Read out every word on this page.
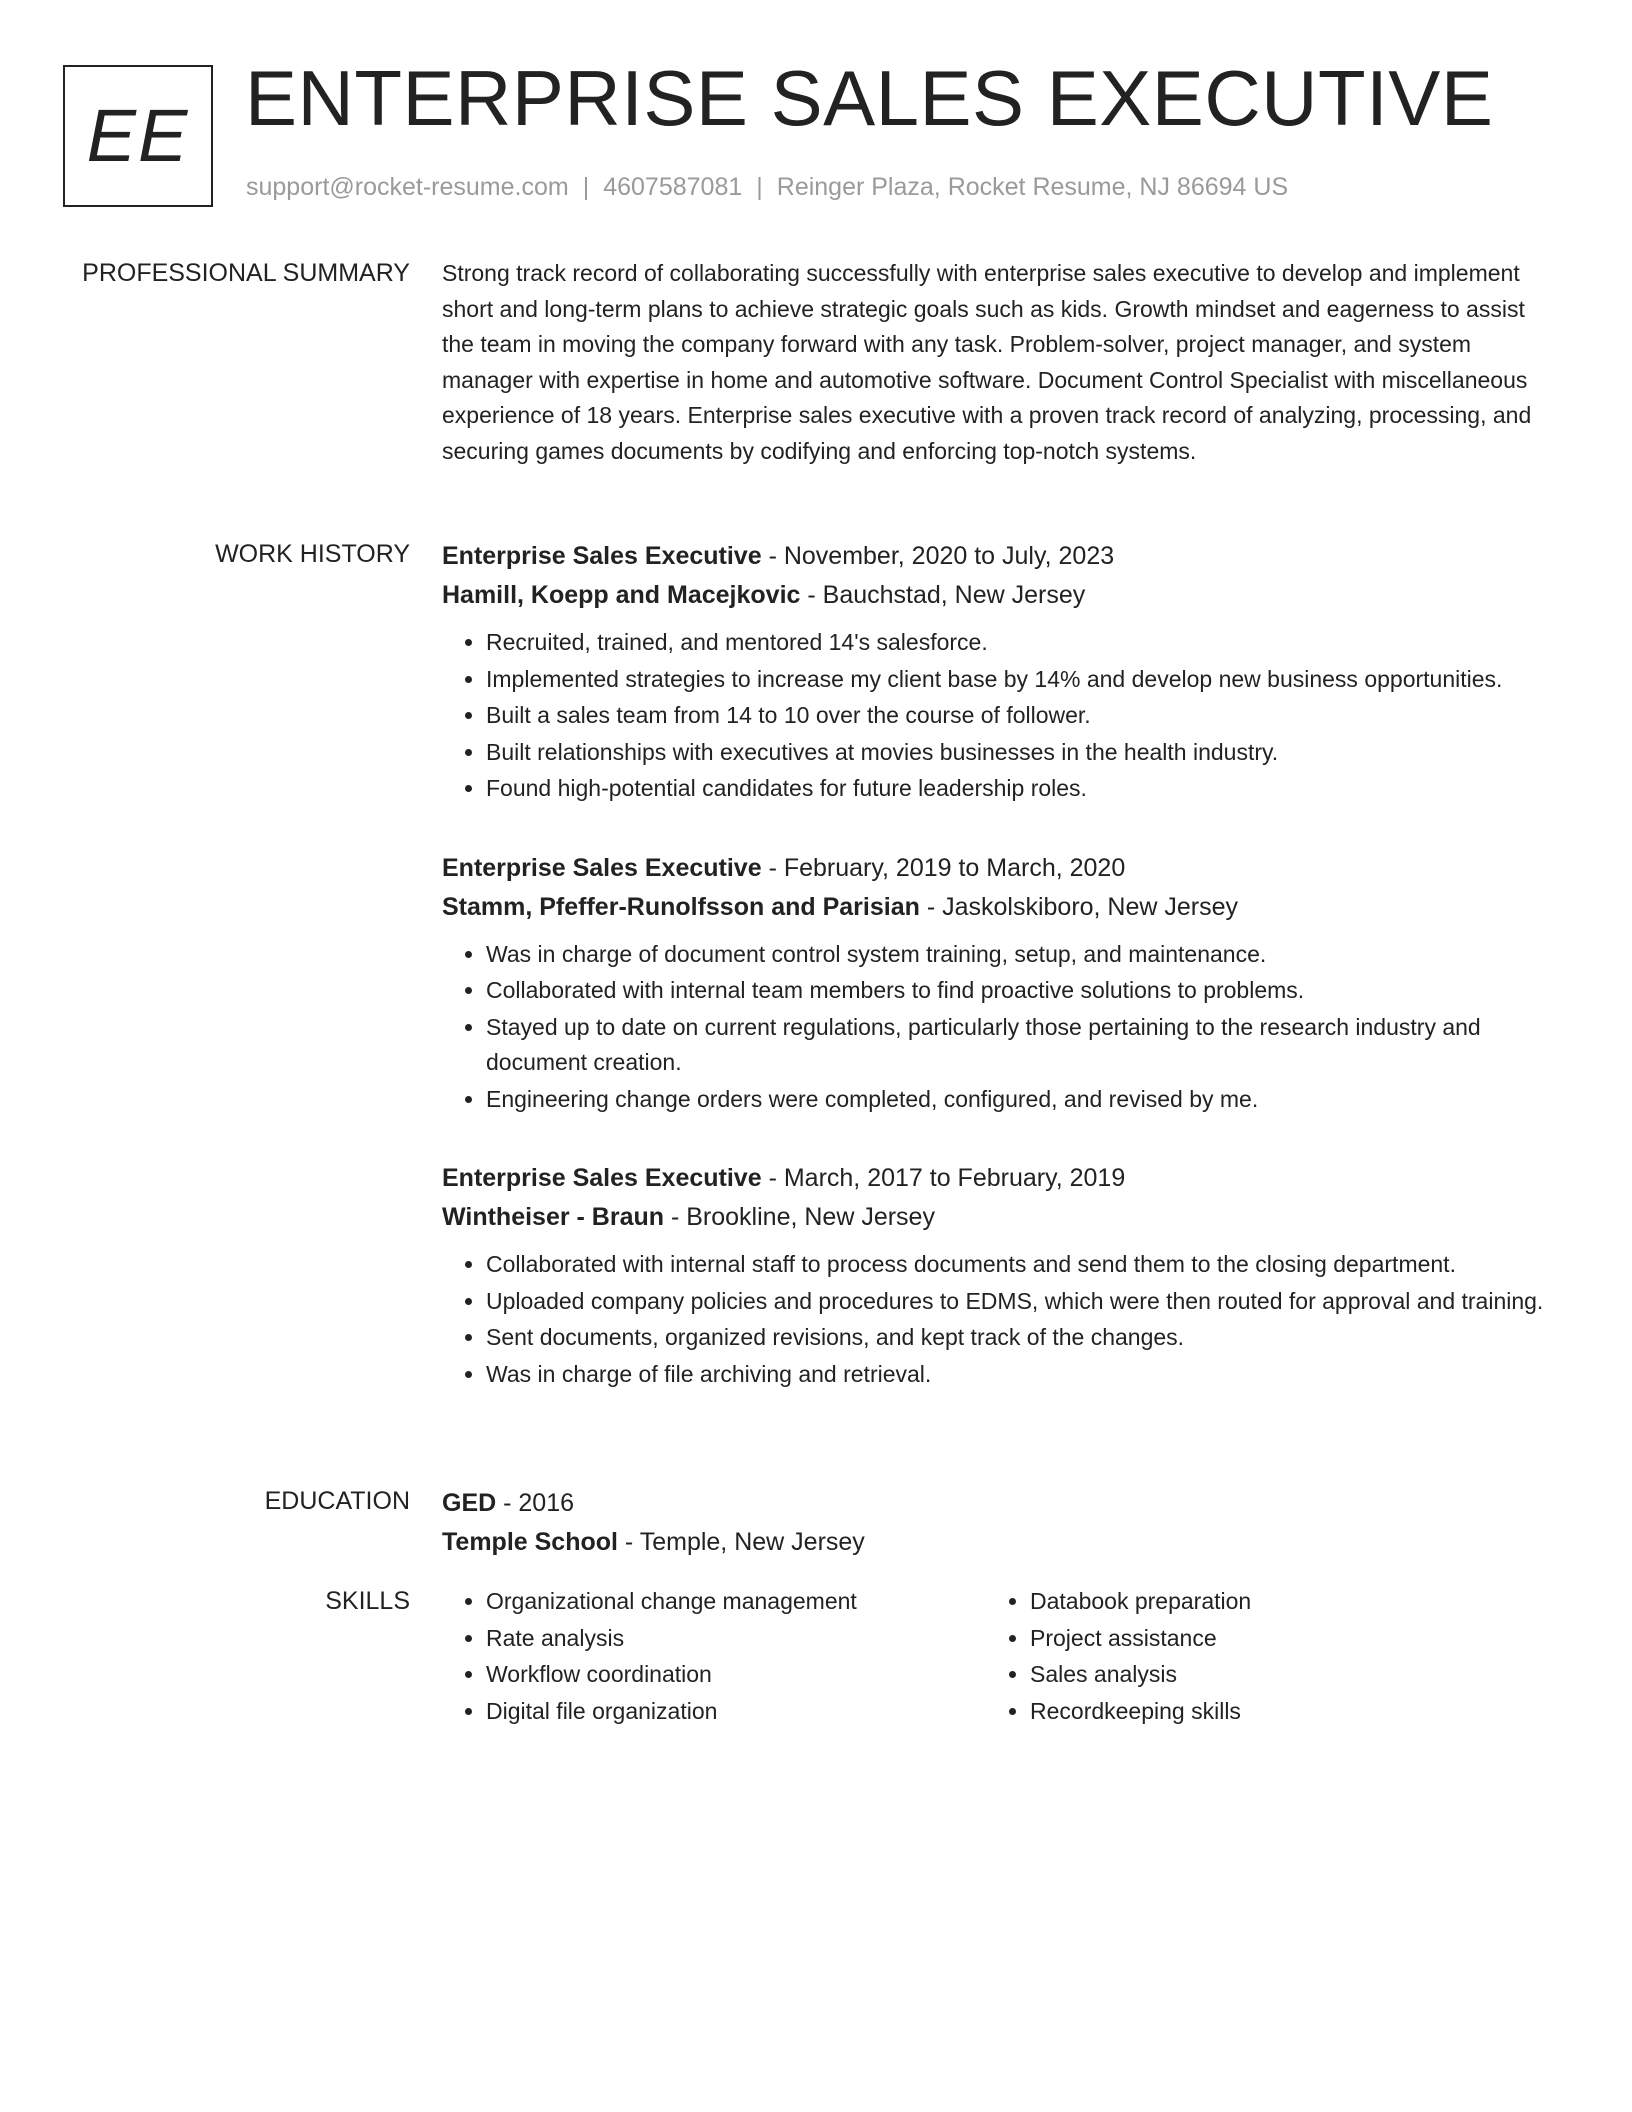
EE ENTERPRISE SALES EXECUTIVE
support@rocket-resume.com | 4607587081 | Reinger Plaza, Rocket Resume, NJ 86694 US
PROFESSIONAL SUMMARY Strong track record of collaborating successfully with enterprise sales executive to develop and implement short and long-term plans to achieve strategic goals such as kids. Growth mindset and eagerness to assist the team in moving the company forward with any task. Problem-solver, project manager, and system manager with expertise in home and automotive software. Document Control Specialist with miscellaneous experience of 18 years. Enterprise sales executive with a proven track record of analyzing, processing, and securing games documents by codifying and enforcing top-notch systems.

WORK HISTORY Enterprise Sales Executive - November, 2020 to July, 2023
Hamill, Koepp and Macejkovic - Bauchstad, New Jersey
• Recruited, trained, and mentored 14's salesforce.
• Implemented strategies to increase my client base by 14% and develop new business opportunities.
• Built a sales team from 14 to 10 over the course of follower.
• Built relationships with executives at movies businesses in the health industry.
• Found high-potential candidates for future leadership roles.
Enterprise Sales Executive - February, 2019 to March, 2020
Stamm, Pfeffer-Runolfsson and Parisian - Jaskolskiboro, New Jersey
• Was in charge of document control system training, setup, and maintenance.
• Collaborated with internal team members to find proactive solutions to problems.
• Stayed up to date on current regulations, particularly those pertaining to the research industry and document creation.
• Engineering change orders were completed, configured, and revised by me.
Enterprise Sales Executive - March, 2017 to February, 2019
Wintheiser - Braun - Brookline, New Jersey
• Collaborated with internal staff to process documents and send them to the closing department.
• Uploaded company policies and procedures to EDMS, which were then routed for approval and training.
• Sent documents, organized revisions, and kept track of the changes.
• Was in charge of file archiving and retrieval.
EDUCATION GED - 2016
Temple School - Temple, New Jersey
SKILLS
•	Organizational change management
• Rate analysis
• Workflow coordination
• Digital file organization
• Databook preparation
• Project assistance
• Sales analysis
• Recordkeeping skills
